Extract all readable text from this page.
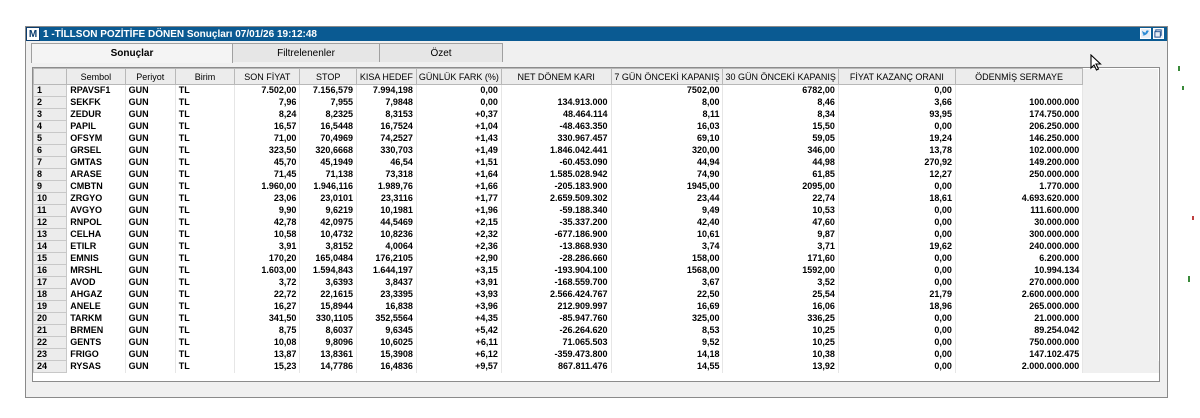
M 1 -TİLLSON POZİTİFE DÖNEN Sonuçları 07/01/26 19:12:48
Sonuçlar	Filtrelenenler	Özet
	Sembol	Periyot	Birim	SON FİYAT	STOP	KISA HEDEF	GÜNLÜK FARK (%)	NET DÖNEM KARI	7 GÜN ÖNCEKİ KAPANIŞ	30 GÜN ÖNCEKİ KAPANIŞ	FİYAT KAZANÇ ORANI	ÖDENMİŞ SERMAYE	
1	RPAVSF1	GUN	TL	7.502,00	7.156,579	7.994,198	0,00		7502,00	6782,00	0,00		
2	SEKFK	GUN	TL	7,96	7,955	7,9848	0,00	134.913.000	8,00	8,46	3,66	100.000.000	
3	ZEDUR	GUN	TL	8,24	8,2325	8,3153	+0,37	48.464.114	8,11	8,34	93,95	174.750.000	
4	PAPIL	GUN	TL	16,57	16,5448	16,7524	+1,04	-48.463.350	16,03	15,50	0,00	206.250.000	
5	OFSYM	GUN	TL	71,00	70,4969	74,2527	+1,43	330.967.457	69,10	59,05	19,24	146.250.000	
6	GRSEL	GUN	TL	323,50	320,6668	330,703	+1,49	1.846.042.441	320,00	346,00	13,78	102.000.000	
7	GMTAS	GUN	TL	45,70	45,1949	46,54	+1,51	-60.453.090	44,94	44,98	270,92	149.200.000	
8	ARASE	GUN	TL	71,45	71,138	73,318	+1,64	1.585.028.942	74,90	61,85	12,27	250.000.000	
9	CMBTN	GUN	TL	1.960,00	1.946,116	1.989,76	+1,66	-205.183.900	1945,00	2095,00	0,00	1.770.000	
10	ZRGYO	GUN	TL	23,06	23,0101	23,3116	+1,77	2.659.509.302	23,44	22,74	18,61	4.693.620.000	
11	AVGYO	GUN	TL	9,90	9,6219	10,1981	+1,96	-59.188.340	9,49	10,53	0,00	111.600.000	
12	RNPOL	GUN	TL	42,78	42,0975	44,5469	+2,15	-35.337.200	42,40	47,60	0,00	30.000.000	
13	CELHA	GUN	TL	10,58	10,4732	10,8236	+2,32	-677.186.900	10,61	9,87	0,00	300.000.000	
14	ETILR	GUN	TL	3,91	3,8152	4,0064	+2,36	-13.868.930	3,74	3,71	19,62	240.000.000	
15	EMNIS	GUN	TL	170,20	165,0484	176,2105	+2,90	-28.286.660	158,00	171,60	0,00	6.200.000	
16	MRSHL	GUN	TL	1.603,00	1.594,843	1.644,197	+3,15	-193.904.100	1568,00	1592,00	0,00	10.994.134	
17	AVOD	GUN	TL	3,72	3,6393	3,8437	+3,91	-168.559.700	3,67	3,52	0,00	270.000.000	
18	AHGAZ	GUN	TL	22,72	22,1615	23,3395	+3,93	2.566.424.767	22,50	25,54	21,79	2.600.000.000	
19	ANELE	GUN	TL	16,27	15,8944	16,838	+3,96	212.909.997	16,69	16,06	18,96	265.000.000	
20	TARKM	GUN	TL	341,50	330,1105	352,5564	+4,35	-85.947.760	325,00	336,25	0,00	21.000.000	
21	BRMEN	GUN	TL	8,75	8,6037	9,6345	+5,42	-26.264.620	8,53	10,25	0,00	89.254.042	
22	GENTS	GUN	TL	10,08	9,8096	10,6025	+6,11	71.065.503	9,52	10,25	0,00	750.000.000	
23	FRIGO	GUN	TL	13,87	13,8361	15,3908	+6,12	-359.473.800	14,18	10,38	0,00	147.102.475	
24	RYSAS	GUN	TL	15,23	14,7786	16,4836	+9,57	867.811.476	14,55	13,92	0,00	2.000.000.000	
